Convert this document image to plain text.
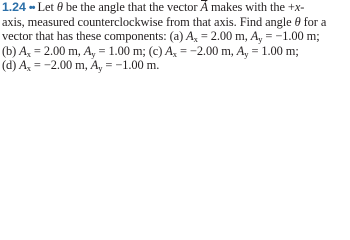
1.24 •• Let θ be the angle that the vector A makes with the +x-
axis, measured counterclockwise from that axis. Find angle θ for a
vector that has these components: (a) $A_x = 2.00$ m, $A_y = -1.00$ m;
(b) $A_x = 2.00$ m, $A_y = 1.00$ m; (c) $A_x = -2.00$ m, $A_y = 1.00$ m;
(d) $A_x = -2.00$ m, $A_y = -1.00$ m.
